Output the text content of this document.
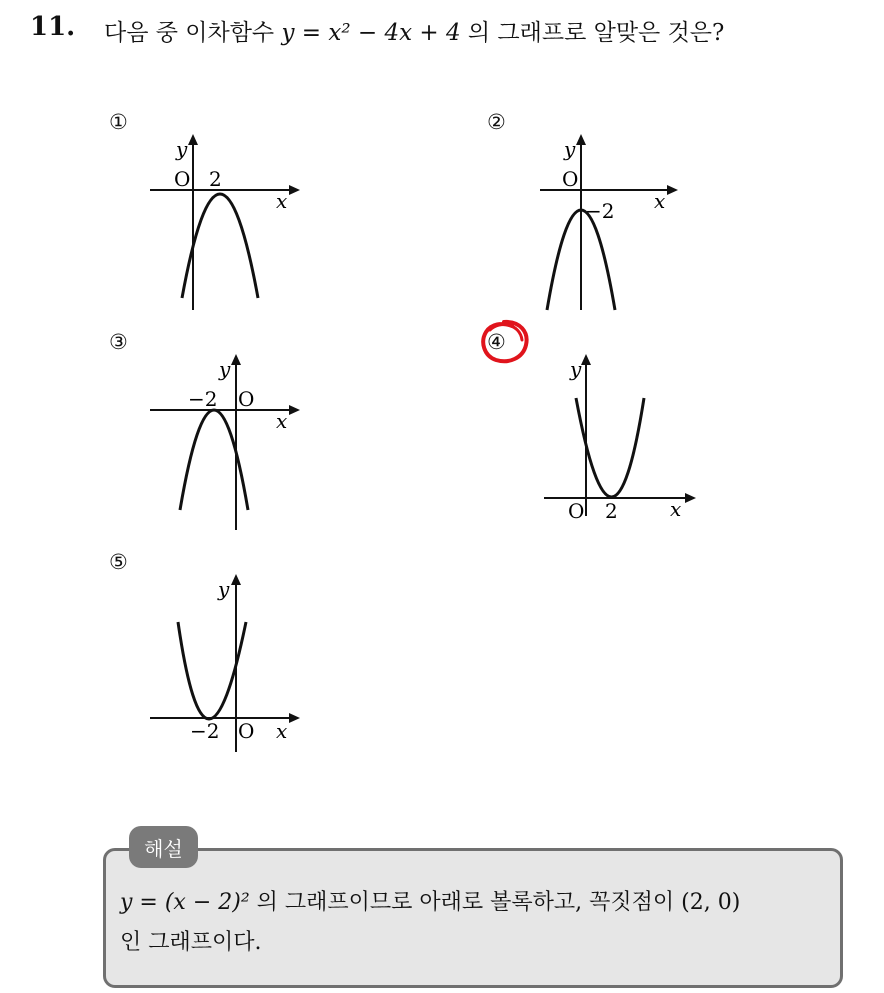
11. 다음 중 이차함수 y = x² − 4x + 4 의 그래프로 알맞은 것은?
①
y
x
O 2
②
y
x
O
−2
③
y
x
−2 O
④
y
x
O 2
⑤
y
x
−2 O
해설
y = (x − 2)² 의 그래프이므로 아래로 볼록하고, 꼭짓점이 (2, 0)
인 그래프이다.
